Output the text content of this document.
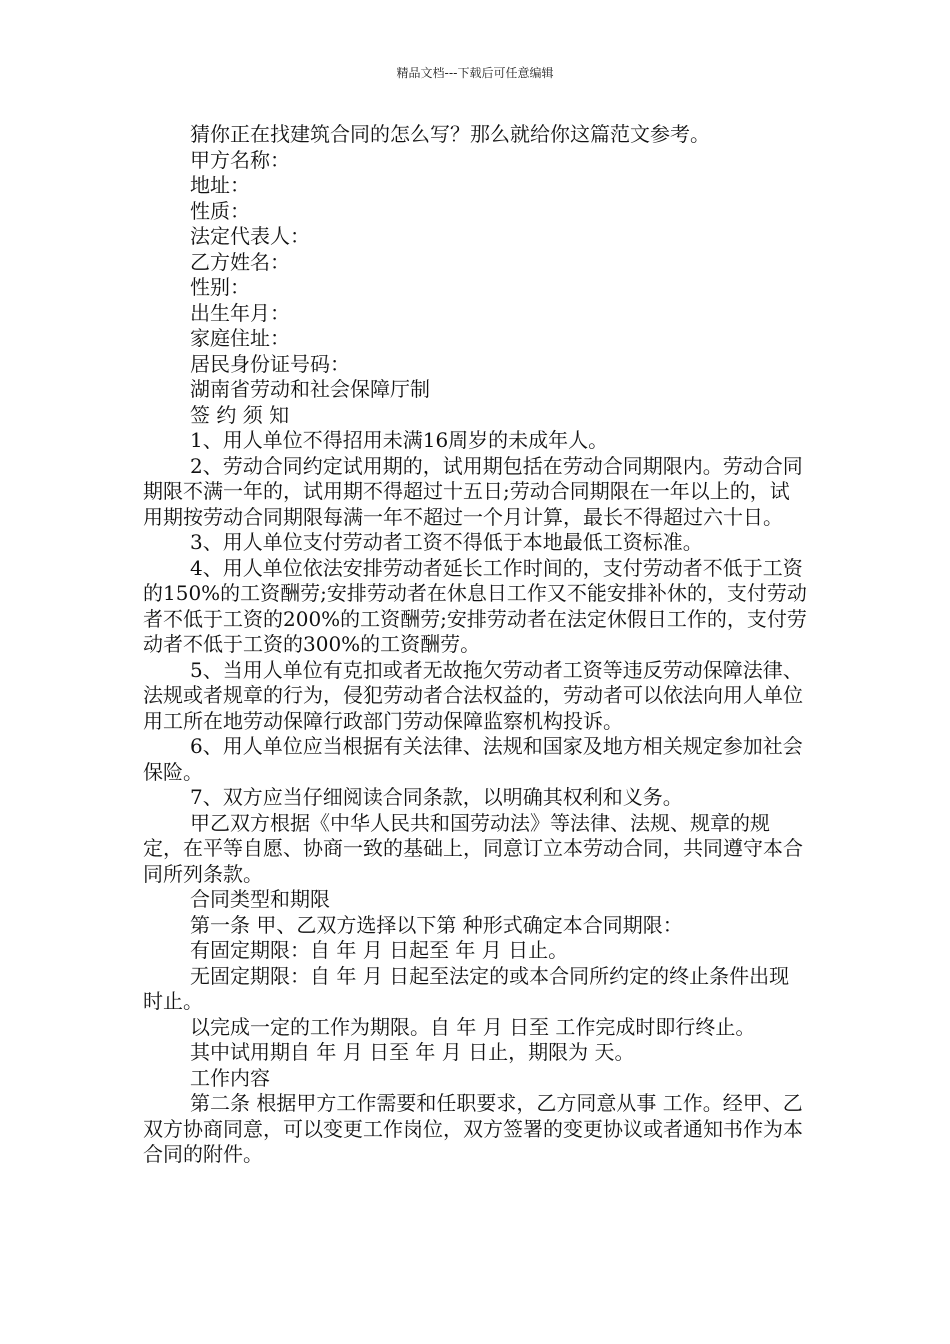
精品文档---下载后可任意编辑

猜你正在找建筑合同的怎么写？那么就给你这篇范文参考。

甲方名称：

地址：

性质：

法定代表人：

乙方姓名：

性别：

出生年月：

家庭住址：

居民身份证号码：

湖南省劳动和社会保障厅制

签 约 须 知

1、用人单位不得招用未满16周岁的未成年人。

2、劳动合同约定试用期的，试用期包括在劳动合同期限内。劳动合同期限不满一年的，试用期不得超过十五日;劳动合同期限在一年以上的，试用期按劳动合同期限每满一年不超过一个月计算，最长不得超过六十日。

3、用人单位支付劳动者工资不得低于本地最低工资标准。

4、用人单位依法安排劳动者延长工作时间的，支付劳动者不低于工资的150%的工资酬劳;安排劳动者在休息日工作又不能安排补休的，支付劳动者不低于工资的200%的工资酬劳;安排劳动者在法定休假日工作的，支付劳动者不低于工资的300%的工资酬劳。

5、当用人单位有克扣或者无故拖欠劳动者工资等违反劳动保障法律、法规或者规章的行为，侵犯劳动者合法权益的，劳动者可以依法向用人单位用工所在地劳动保障行政部门劳动保障监察机构投诉。

6、用人单位应当根据有关法律、法规和国家及地方相关规定参加社会保险。

7、双方应当仔细阅读合同条款，以明确其权利和义务。

甲乙双方根据《中华人民共和国劳动法》等法律、法规、规章的规定，在平等自愿、协商一致的基础上，同意订立本劳动合同，共同遵守本合同所列条款。

合同类型和期限

第一条 甲、乙双方选择以下第 种形式确定本合同期限：

有固定期限：自 年 月 日起至 年 月 日止。

无固定期限：自 年 月 日起至法定的或本合同所约定的终止条件出现时止。

以完成一定的工作为期限。自 年 月 日至 工作完成时即行终止。

其中试用期自 年 月 日至 年 月 日止，期限为 天。

工作内容

第二条 根据甲方工作需要和任职要求，乙方同意从事 工作。经甲、乙双方协商同意，可以变更工作岗位，双方签署的变更协议或者通知书作为本合同的附件。
